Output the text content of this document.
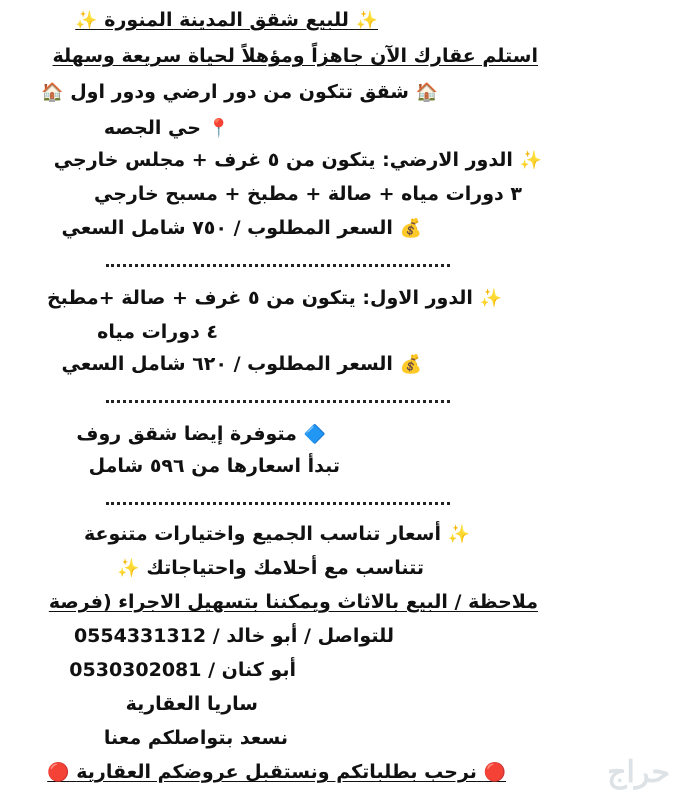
✨ للبيع شقق المدينة المنورة ✨
استلم عقارك الآن جاهزاً ومؤهلاً لحياة سريعة وسهلة
🏠 شقق تتكون من دور ارضي ودور اول 🏠
📍 حي الجصه
✨ الدور الارضي: يتكون من ٥ غرف + مجلس خارجي
٣ دورات مياه + صالة + مطبخ + مسبح خارجي
💰 السعر المطلوب / ٧٥٠ شامل السعي
✨ الدور الاول: يتكون من ٥ غرف + صالة +مطبخ
٤ دورات مياه
💰 السعر المطلوب / ٦٢٠ شامل السعي
🔷 متوفرة إيضا شقق روف
تبدأ اسعارها من ٥٩٦ شامل
✨ أسعار تناسب الجميع واختيارات متنوعة
تتناسب مع أحلامك واحتياجاتك ✨
ملاحظة / البيع بالاثاث ويمكننا بتسهيل الاجراء (فرصة
للتواصل / أبو خالد / 0554331312
أبو كنان / 0530302081
ساريا العقارية
نسعد بتواصلكم معنا
🔴 نرحب بطلباتكم ونستقبل عروضكم العقارية 🔴	حراج
